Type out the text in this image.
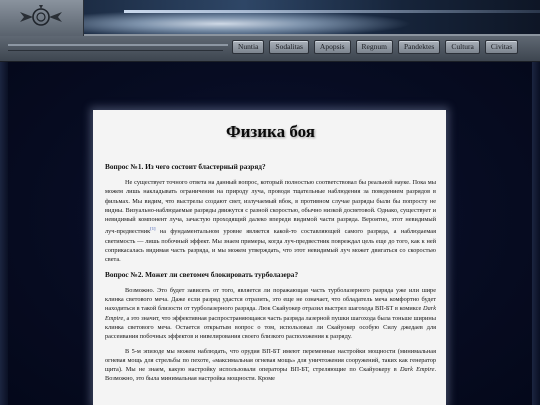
Nuntia	Sodalitas	Apopsis	Regnum	Pandektes	Cultura	Civitas
Физика боя
Вопрос №1. Из чего состоит бластерный разряд?

Не существует точного ответа на данный вопрос, который полностью соответствовал бы реальной науке. Пока мы можем лишь накладывать ограничения на природу луча, проводя тщательные наблюдения за поведением разрядов в фильмах. Мы видим, что выстрелы создают свет, излучаемый вбок, в противном случае разряды были бы попросту не видны. Визуально-наблюдаемые разряды движутся с разной скоростью, обычно низкой досветовой. Однако, существует и невидимый компонент луча, зачастую проходящий далеко впереди видимой части разряда. Вероятно, этот невидимый луч-предвестник[1] на фундаментальном уровне является какой-то составляющей самого разряда, а наблюдаемая светимость — лишь побочный эффект. Мы знаем примеры, когда луч-предвестник повреждал цель еще до того, как к ней соприкасалась видимая часть разряда, и мы можем утверждать, что этот невидимый луч может двигаться со скоростью света.

Вопрос №2. Может ли светомеч блокировать турболазера?

Возможно. Это будет зависеть от того, является ли поражающая часть турболазерного разряда уже или шире клинка светового меча. Даже если разряд удастся отразить, это еще не означает, что обладатель меча комфортно будет находиться в такой близости от турболазерного разряда. Люк Скайуокер отразил выстрел шагохода ВП-БТ в комиксе Dark Empire, а это значит, что эффективная распространяющаяся часть разряда лазерной пушки шагохода была тоньше ширины клинка светового меча. Остается открытым вопрос о том, использовал ли Скайуокер особую Силу джедаев для рассеивания побочных эффектов и нивелирования своего близкого расположения к разряду.

В 5-м эпизоде мы можем наблюдать, что орудия ВП-БТ имеют переменные настройки мощности (минимальная огневая мощь для стрельбы по пехоте, «максимальная огневая мощь» для уничтожения сооружений, таких как генератор щита). Мы не знаем, какую настройку использовали операторы ВП-БТ, стреляющие по Скайуокеру в Dark Empire. Возможно, это была минимальная настройка мощности. Кроме
